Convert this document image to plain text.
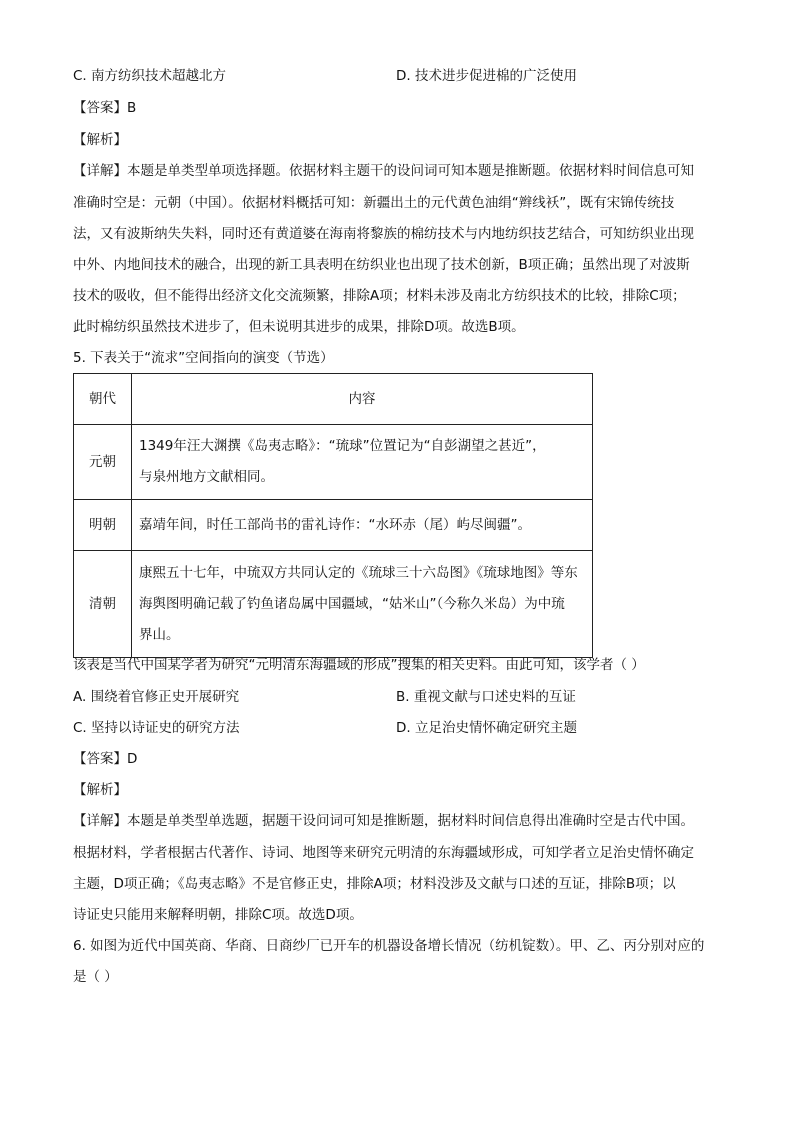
C. 南方纺织技术超越北方	D. 技术进步促进棉的广泛使用
【答案】B
【解析】
【详解】本题是单类型单项选择题。依据材料主题干的设问词可知本题是推断题。依据材料时间信息可知
准确时空是：元朝（中国）。依据材料概括可知：新疆出土的元代黄色油绢“辫线袄”，既有宋锦传统技
法，又有波斯纳失失料，同时还有黄道婆在海南将黎族的棉纺技术与内地纺织技艺结合，可知纺织业出现
中外、内地间技术的融合，出现的新工具表明在纺织业也出现了技术创新，B项正确；虽然出现了对波斯
技术的吸收，但不能得出经济文化交流频繁，排除A项；材料未涉及南北方纺织技术的比较，排除C项；
此时棉纺织虽然技术进步了，但未说明其进步的成果，排除D项。故选B项。
5. 下表关于“流求”空间指向的演变（节选）
朝代	内容
元朝	1349年汪大渊撰《岛夷志略》：“琉球”位置记为“自彭湖望之甚近”，
与泉州地方文献相同。

明朝	嘉靖年间，时任工部尚书的雷礼诗作：“水环赤（尾）屿尽闽疆”。

清朝	康熙五十七年，中琉双方共同认定的《琉球三十六岛图》《琉球地图》等东
海舆图明确记载了钓鱼诸岛属中国疆域，“姑米山”（今称久米岛）为中琉
界山。
该表是当代中国某学者为研究“元明清东海疆域的形成”搜集的相关史料。由此可知，该学者（ ）
A. 围绕着官修正史开展研究	B. 重视文献与口述史料的互证
C. 坚持以诗证史的研究方法	D. 立足治史情怀确定研究主题
【答案】D
【解析】
【详解】本题是单类型单选题，据题干设问词可知是推断题，据材料时间信息得出准确时空是古代中国。
根据材料，学者根据古代著作、诗词、地图等来研究元明清的东海疆域形成，可知学者立足治史情怀确定
主题，D项正确；《岛夷志略》不是官修正史，排除A项；材料没涉及文献与口述的互证，排除B项；以
诗证史只能用来解释明朝，排除C项。故选D项。
6. 如图为近代中国英商、华商、日商纱厂已开车的机器设备增长情况（纺机锭数）。甲、乙、丙分别对应的
是（ ）
